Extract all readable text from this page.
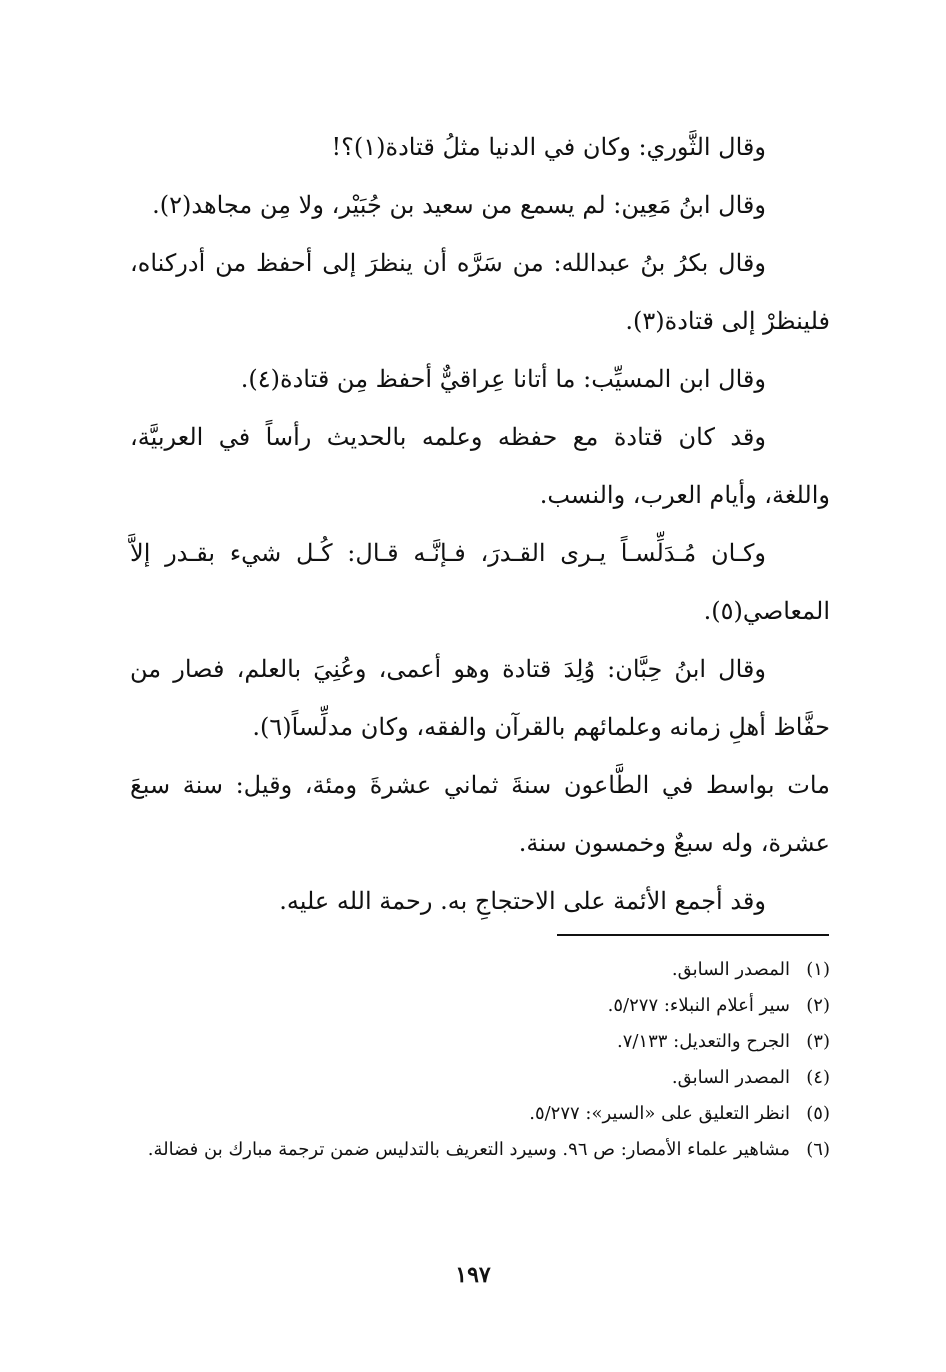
وقال الثَّوري: وكان في الدنيا مثلُ قتادة(١)؟!

وقال ابنُ مَعِين: لم يسمع من سعيد بن جُبَيْر، ولا مِن مجاهد(٢).

وقال بكرُ بنُ عبدالله: من سَرَّه أن ينظرَ إلى أحفظ من أدركناه، فلينظرْ إلى قتادة(٣).

وقال ابن المسيِّب: ما أتانا عِراقيٌّ أحفظ مِن قتادة(٤).

وقد كان قتادة مع حفظه وعلمه بالحديث رأساً في العربيَّة، واللغة، وأيام العرب، والنسب.

وكـان مُـدَلِّسـاً يـرى القـدرَ، فـإنَّـه قـال: كُـل شيء بقـدر إلاَّ المعاصي(٥).

وقال ابنُ حِبَّان: وُلِدَ قتادة وهو أعمى، وعُنِيَ بالعلم، فصار من حفَّاظ أهلِ زمانه وعلمائهم بالقرآن والفقه، وكان مدلِّساً(٦).

مات بواسط في الطَّاعون سنةَ ثماني عشرةَ ومئة، وقيل: سنة سبعَ عشرة، وله سبعٌ وخمسون سنة.

وقد أجمع الأئمة على الاحتجاجِ به. رحمة الله عليه.

(١)
المصدر السابق.
(٢)
سير أعلام النبلاء: ٥/٢٧٧.
(٣)
الجرح والتعديل: ٧/١٣٣.
(٤)
المصدر السابق.
(٥)
انظر التعليق على «السير»: ٥/٢٧٧.
(٦)
مشاهير علماء الأمصار: ص ٩٦. وسيرد التعريف بالتدليس ضمن ترجمة مبارك بن فضالة.
١٩٧
